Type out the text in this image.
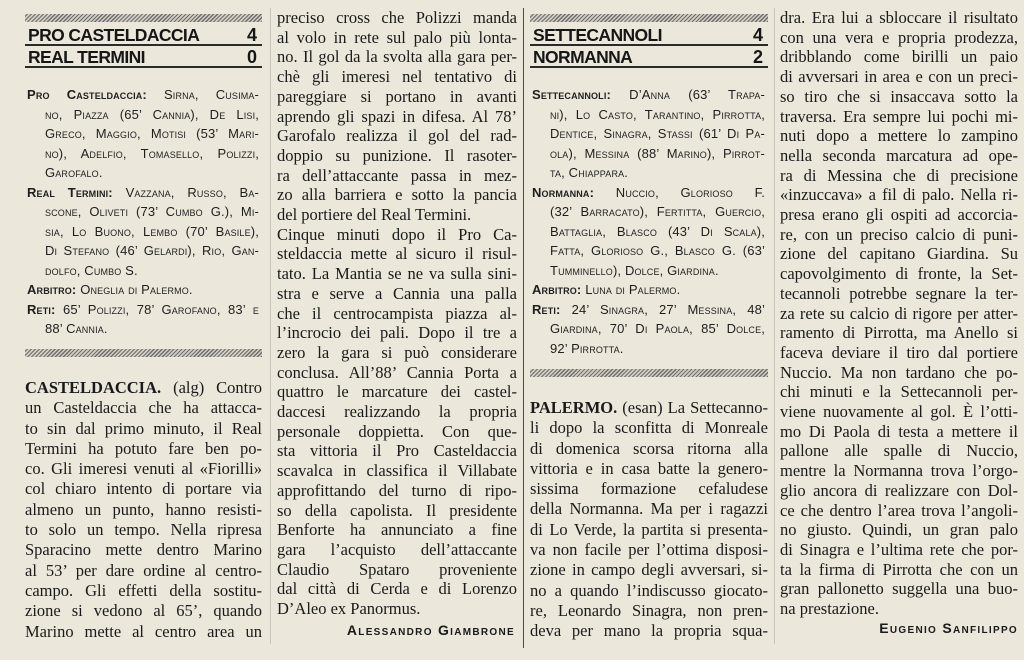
PRO CASTELDACCIA	4
REAL TERMINI	0
Pro Casteldaccia: Sirna, Cusima-
no, Piazza (65’ Cannia), De Lisi,
Greco, Maggio, Motisi (53’ Mari-
no), Adelfio, Tomasello, Polizzi,
Garofalo.
Real Termini: Vazzana, Russo, Ba-
scone, Oliveti (73’ Cumbo G.), Mi-
sia, Lo Buono, Lembo (70’ Basile),
Di Stefano (46’ Gelardi), Rio, Gan-
dolfo, Cumbo S.
Arbitro: Oneglia di Palermo.
Reti: 65’ Polizzi, 78’ Garofano, 83’ e
88’ Cannia.
CASTELDACCIA. (alg) Contro
un Casteldaccia che ha attacca-
to sin dal primo minuto, il Real
Termini ha potuto fare ben po-
co. Gli imeresi venuti al «Fiorilli»
col chiaro intento di portare via
almeno un punto, hanno resisti-
to solo un tempo. Nella ripresa
Sparacino mette dentro Marino
al 53’ per dare ordine al centro-
campo. Gli effetti della sostitu-
zione si vedono al 65’, quando
Marino mette al centro area un
preciso cross che Polizzi manda
al volo in rete sul palo più lonta-
no. Il gol da la svolta alla gara per-
chè gli imeresi nel tentativo di
pareggiare si portano in avanti
aprendo gli spazi in difesa. Al 78’
Garofalo realizza il gol del rad-
doppio su punizione. Il rasoter-
ra dell’attaccante passa in mez-
zo alla barriera e sotto la pancia
del portiere del Real Termini.
Cinque minuti dopo il Pro Ca-
steldaccia mette al sicuro il risul-
tato. La Mantia se ne va sulla sini-
stra e serve a Cannia una palla
che il centrocampista piazza al-
l’incrocio dei pali. Dopo il tre a
zero la gara si può considerare
conclusa. All’88’ Cannia Porta a
quattro le marcature dei castel-
daccesi realizzando la propria
personale doppietta. Con que-
sta vittoria il Pro Casteldaccia
scavalca in classifica il Villabate
approfittando del turno di ripo-
so della capolista. Il presidente
Benforte ha annunciato a fine
gara l’acquisto dell’attaccante
Claudio Spataro proveniente
dal città di Cerda e di Lorenzo
D’Aleo ex Panormus.
Alessandro Giambrone
SETTECANNOLI	4
NORMANNA	2
Settecannoli: D’Anna (63’ Trapa-
ni), Lo Casto, Tarantino, Pirrotta,
Dentice, Sinagra, Stassi (61’ Di Pa-
ola), Messina (88’ Marino), Pirrot-
ta, Chiappara.
Normanna: Nuccio, Glorioso F.
(32’ Barracato), Fertitta, Guercio,
Battaglia, Blasco (43’ Di Scala),
Fatta, Glorioso G., Blasco G. (63’
Tumminello), Dolce, Giardina.
Arbitro: Luna di Palermo.
Reti: 24’ Sinagra, 27’ Messina, 48’
Giardina, 70’ Di Paola, 85’ Dolce,
92’ Pirrotta.
PALERMO. (esan) La Settecanno-
li dopo la sconfitta di Monreale
di domenica scorsa ritorna alla
vittoria e in casa batte la genero-
sissima formazione cefaludese
della Normanna. Ma per i ragazzi
di Lo Verde, la partita si presenta-
va non facile per l’ottima disposi-
zione in campo degli avversari, si-
no a quando l’indiscusso giocato-
re, Leonardo Sinagra, non pren-
deva per mano la propria squa-
dra. Era lui a sbloccare il risultato
con una vera e propria prodezza,
dribblando come birilli un paio
di avversari in area e con un preci-
so tiro che si insaccava sotto la
traversa. Era sempre lui pochi mi-
nuti dopo a mettere lo zampino
nella seconda marcatura ad ope-
ra di Messina che di precisione
«inzuccava» a fil di palo. Nella ri-
presa erano gli ospiti ad accorcia-
re, con un preciso calcio di puni-
zione del capitano Giardina. Su
capovolgimento di fronte, la Set-
tecannoli potrebbe segnare la ter-
za rete su calcio di rigore per atter-
ramento di Pirrotta, ma Anello si
faceva deviare il tiro dal portiere
Nuccio. Ma non tardano che po-
chi minuti e la Settecannoli per-
viene nuovamente al gol. È l’otti-
mo Di Paola di testa a mettere il
pallone alle spalle di Nuccio,
mentre la Normanna trova l’orgo-
glio ancora di realizzare con Dol-
ce che dentro l’area trova l’angoli-
no giusto. Quindi, un gran palo
di Sinagra e l’ultima rete che por-
ta la firma di Pirrotta che con un
gran pallonetto suggella una buo-
na prestazione.
Eugenio Sanfilippo
